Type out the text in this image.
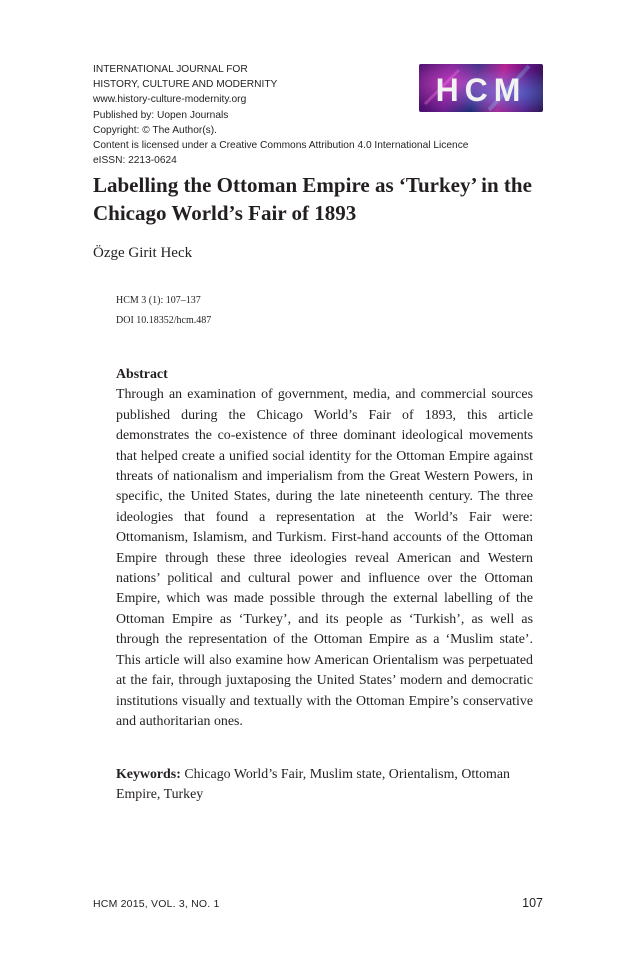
INTERNATIONAL JOURNAL FOR
HISTORY, CULTURE AND MODERNITY
www.history-culture-modernity.org
Published by: Uopen Journals
Copyright: © The Author(s).
Content is licensed under a Creative Commons Attribution 4.0 International Licence
eISSN: 2213-0624
HCM
Labelling the Ottoman Empire as ‘Turkey’ in the Chicago World’s Fair of 1893
Özge Girit Heck
HCM 3 (1): 107–137
DOI 10.18352/hcm.487
Abstract
Through an examination of government, media, and commercial sources published during the Chicago World’s Fair of 1893, this article demonstrates the co-existence of three dominant ideological movements that helped create a unified social identity for the Ottoman Empire against threats of nationalism and imperialism from the Great Western Powers, in specific, the United States, during the late nineteenth century. The three ideologies that found a representation at the World’s Fair were: Ottomanism, Islamism, and Turkism. First-hand accounts of the Ottoman Empire through these three ideologies reveal American and Western nations’ political and cultural power and influence over the Ottoman Empire, which was made possible through the external labelling of the Ottoman Empire as ‘Turkey’, and its people as ‘Turkish’, as well as through the representation of the Ottoman Empire as a ‘Muslim state’. This article will also examine how American Orientalism was perpetuated at the fair, through juxtaposing the United States’ modern and democratic institutions visually and textually with the Ottoman Empire’s conservative and authoritarian ones.
Keywords: Chicago World’s Fair, Muslim state, Orientalism, Ottoman Empire, Turkey
HCM 2015, VOL. 3, NO. 1	107
